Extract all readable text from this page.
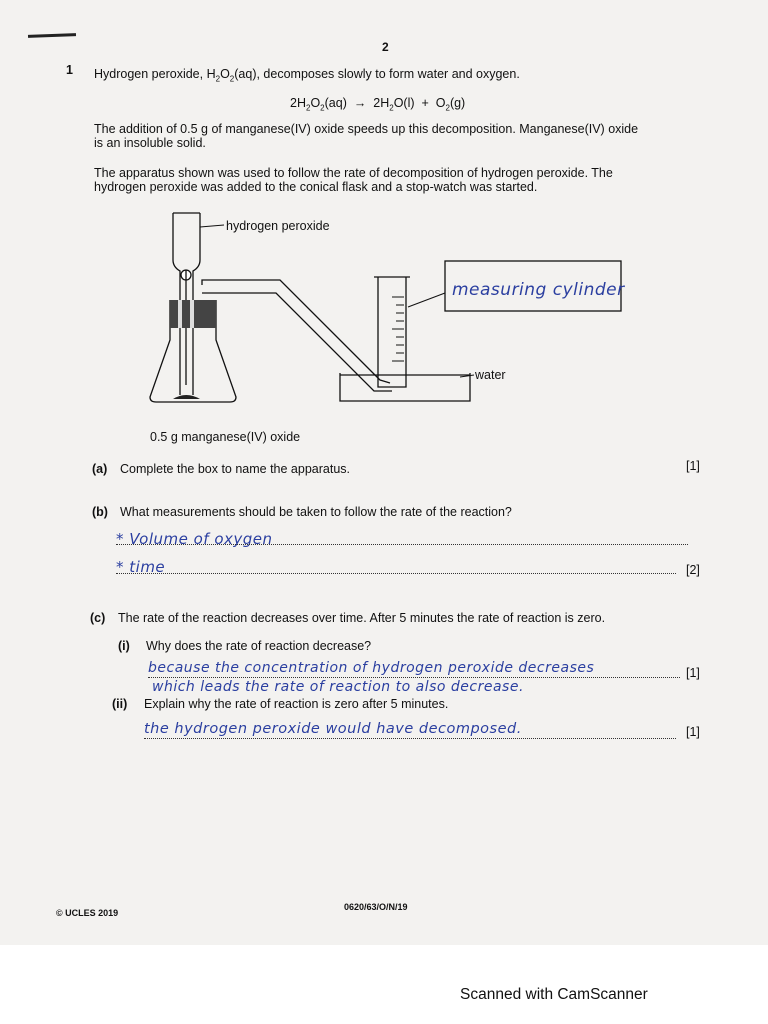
2
1 Hydrogen peroxide, $H_2O_2(aq)$, decomposes slowly to form water and oxygen.
$2H_2O_2(aq) \to 2H_2O(l) + O_2(g)$
The addition of 0.5 g of manganese(IV) oxide speeds up this decomposition. Manganese(IV) oxide
is an insoluble solid.
The apparatus shown was used to follow the rate of decomposition of hydrogen peroxide. The
hydrogen peroxide was added to the conical flask and a stop-watch was started.
hydrogen peroxide
water
0.5 g manganese(IV) oxide
measuring cylinder
(a) Complete the box to name the apparatus.	[1]
(b) What measurements should be taken to follow the rate of the reaction?
* Volume of oxygen
* time	[2]
(c) The rate of the reaction decreases over time. After 5 minutes the rate of reaction is zero.
(i) Why does the rate of reaction decrease?
because the concentration of hydrogen peroxide decreases	[1]
which leads the rate of reaction to also decrease.
(ii) Explain why the rate of reaction is zero after 5 minutes.
the hydrogen peroxide would have decomposed.	[1]
© UCLES 2019
0620/63/O/N/19
Scanned with CamScanner
